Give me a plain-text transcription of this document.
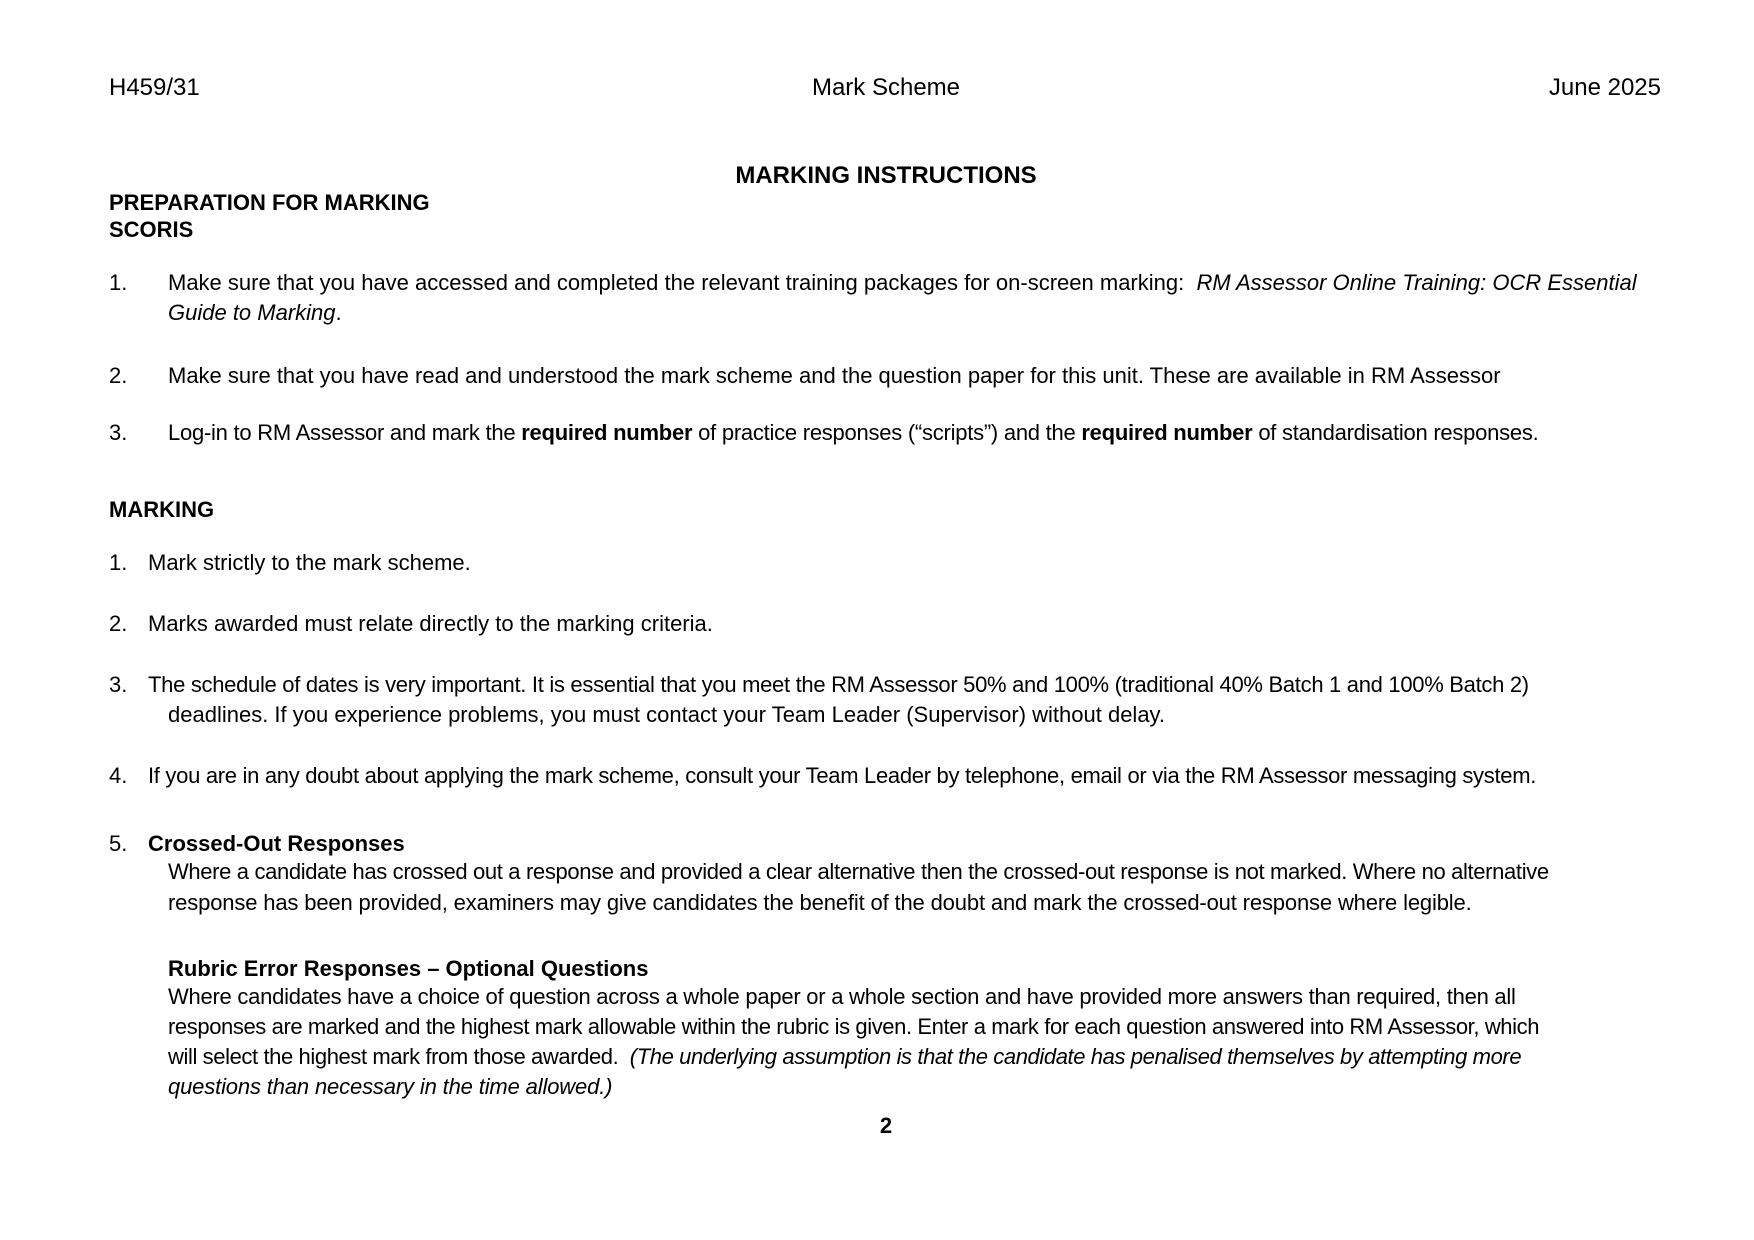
H459/31	Mark Scheme	June 2025
MARKING INSTRUCTIONS
PREPARATION FOR MARKING
SCORIS
1. Make sure that you have accessed and completed the relevant training packages for on-screen marking: RM Assessor Online Training: OCR Essential Guide to Marking.
2. Make sure that you have read and understood the mark scheme and the question paper for this unit. These are available in RM Assessor
3. Log-in to RM Assessor and mark the required number of practice responses (“scripts”) and the required number of standardisation responses.
MARKING
1. Mark strictly to the mark scheme.
2. Marks awarded must relate directly to the marking criteria.
3. The schedule of dates is very important. It is essential that you meet the RM Assessor 50% and 100% (traditional 40% Batch 1 and 100% Batch 2)
deadlines. If you experience problems, you must contact your Team Leader (Supervisor) without delay.
4. If you are in any doubt about applying the mark scheme, consult your Team Leader by telephone, email or via the RM Assessor messaging system.
5. Crossed-Out Responses
Where a candidate has crossed out a response and provided a clear alternative then the crossed-out response is not marked. Where no alternative
response has been provided, examiners may give candidates the benefit of the doubt and mark the crossed-out response where legible.
Rubric Error Responses – Optional Questions
Where candidates have a choice of question across a whole paper or a whole section and have provided more answers than required, then all
responses are marked and the highest mark allowable within the rubric is given. Enter a mark for each question answered into RM Assessor, which
will select the highest mark from those awarded. (The underlying assumption is that the candidate has penalised themselves by attempting more
questions than necessary in the time allowed.)
2
